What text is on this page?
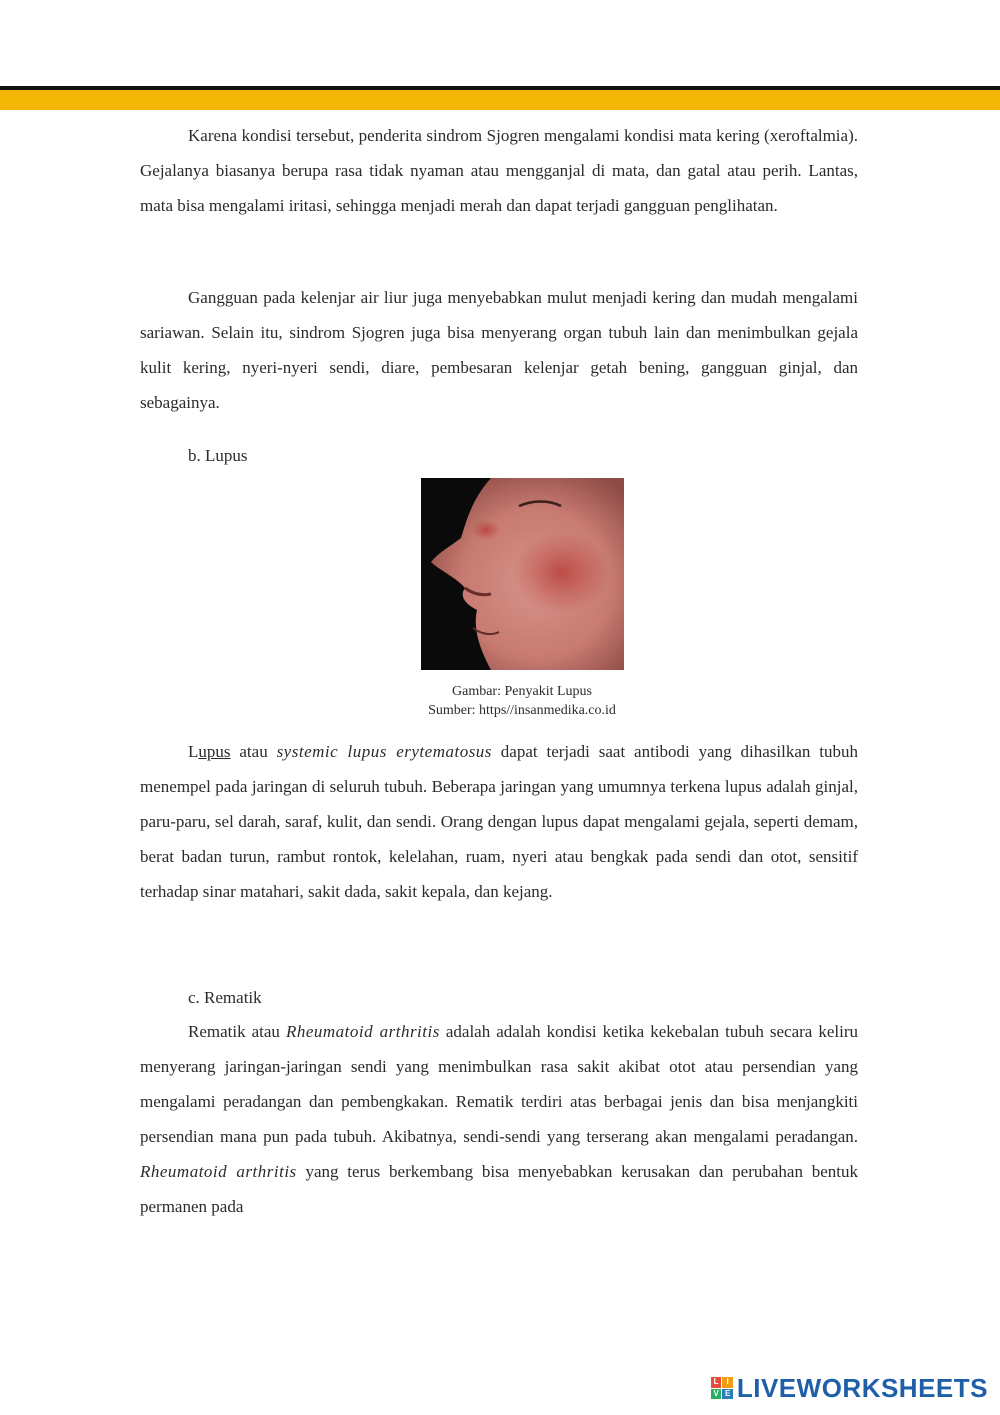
Karena kondisi tersebut, penderita sindrom Sjogren mengalami kondisi mata kering (xeroftalmia). Gejalanya biasanya berupa rasa tidak nyaman atau mengganjal di mata, dan gatal atau perih. Lantas, mata bisa mengalami iritasi, sehingga menjadi merah dan dapat terjadi gangguan penglihatan.

Gangguan pada kelenjar air liur juga menyebabkan mulut menjadi kering dan mudah mengalami sariawan. Selain itu, sindrom Sjogren juga bisa menyerang organ tubuh lain dan menimbulkan gejala kulit kering, nyeri-nyeri sendi, diare, pembesaran kelenjar getah bening, gangguan ginjal, dan sebagainya.

b. Lupus

Gambar: Penyakit Lupus

Sumber: https//insanmedika.co.id

Lupus atau systemic lupus erytematosus dapat terjadi saat antibodi yang dihasilkan tubuh menempel pada jaringan di seluruh tubuh. Beberapa jaringan yang umumnya terkena lupus adalah ginjal, paru-paru, sel darah, saraf, kulit, dan sendi. Orang dengan lupus dapat mengalami gejala, seperti demam, berat badan turun, rambut rontok, kelelahan, ruam, nyeri atau bengkak pada sendi dan otot, sensitif terhadap sinar matahari, sakit dada, sakit kepala, dan kejang.

c. Rematik

Rematik atau Rheumatoid arthritis adalah adalah kondisi ketika kekebalan tubuh secara keliru menyerang jaringan-jaringan sendi yang menimbulkan rasa sakit akibat otot atau persendian yang mengalami peradangan dan pembengkakan. Rematik terdiri atas berbagai jenis dan bisa menjangkiti persendian mana pun pada tubuh. Akibatnya, sendi-sendi yang terserang akan mengalami peradangan. Rheumatoid arthritis yang terus berkembang bisa menyebabkan kerusakan dan perubahan bentuk permanen pada

L I
V E LIVEWORKSHEETS
